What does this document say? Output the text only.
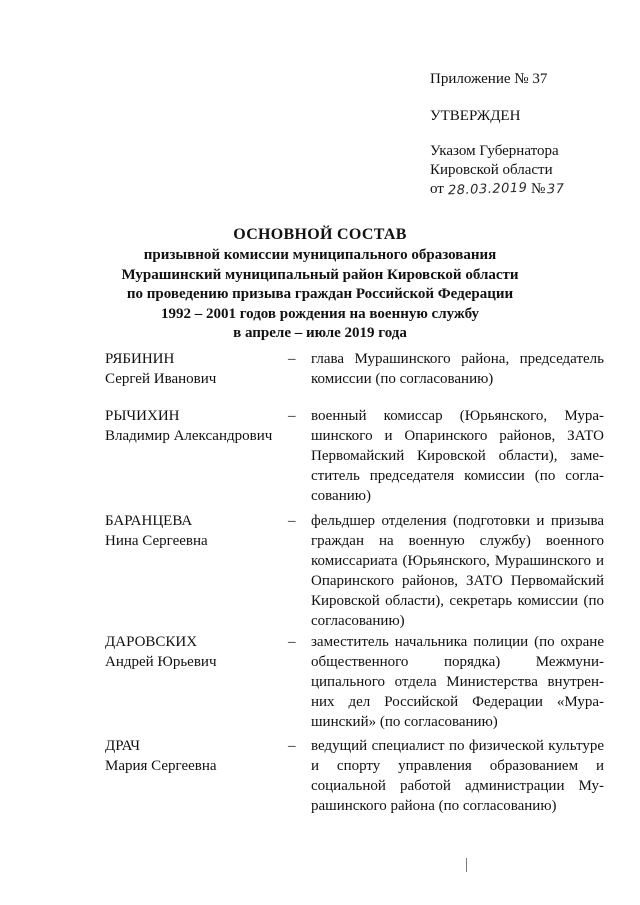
Приложение № 37
УТВЕРЖДЕН
Указом Губернатора
Кировской области
от 28.03.2019 № 37
ОСНОВНОЙ СОСТАВ
призывной комиссии муниципального образования
Мурашинский муниципальный район Кировской области
по проведению призыва граждан Российской Федерации
1992 – 2001 годов рождения на военную службу
в апреле – июле 2019 года
РЯБИНИН
Сергей Иванович
– глава Мурашинского района, председатель комиссии (по согласованию)
РЫЧИХИН
Владимир Александрович
– военный комиссар (Юрьянского, Мурашинского и Опаринского районов, ЗАТО Первомайский Кировской области), заместитель председателя комиссии (по согласованию)
БАРАНЦЕВА
Нина Сергеевна
– фельдшер отделения (подготовки и призыва граждан на военную службу) военного комиссариата (Юрьянского, Мурашинского и Опаринского районов, ЗАТО Первомайский Кировской области), секретарь комиссии (по согласованию)
ДАРОВСКИХ
Андрей Юрьевич
– заместитель начальника полиции (по охране общественного порядка) Межмуниципального отдела Министерства внутренних дел Российской Федерации «Мурашинский» (по согласованию)
ДРАЧ
Мария Сергеевна
– ведущий специалист по физической культуре и спорту управления образованием и социальной работой администрации Мурашинского района (по согласованию)
